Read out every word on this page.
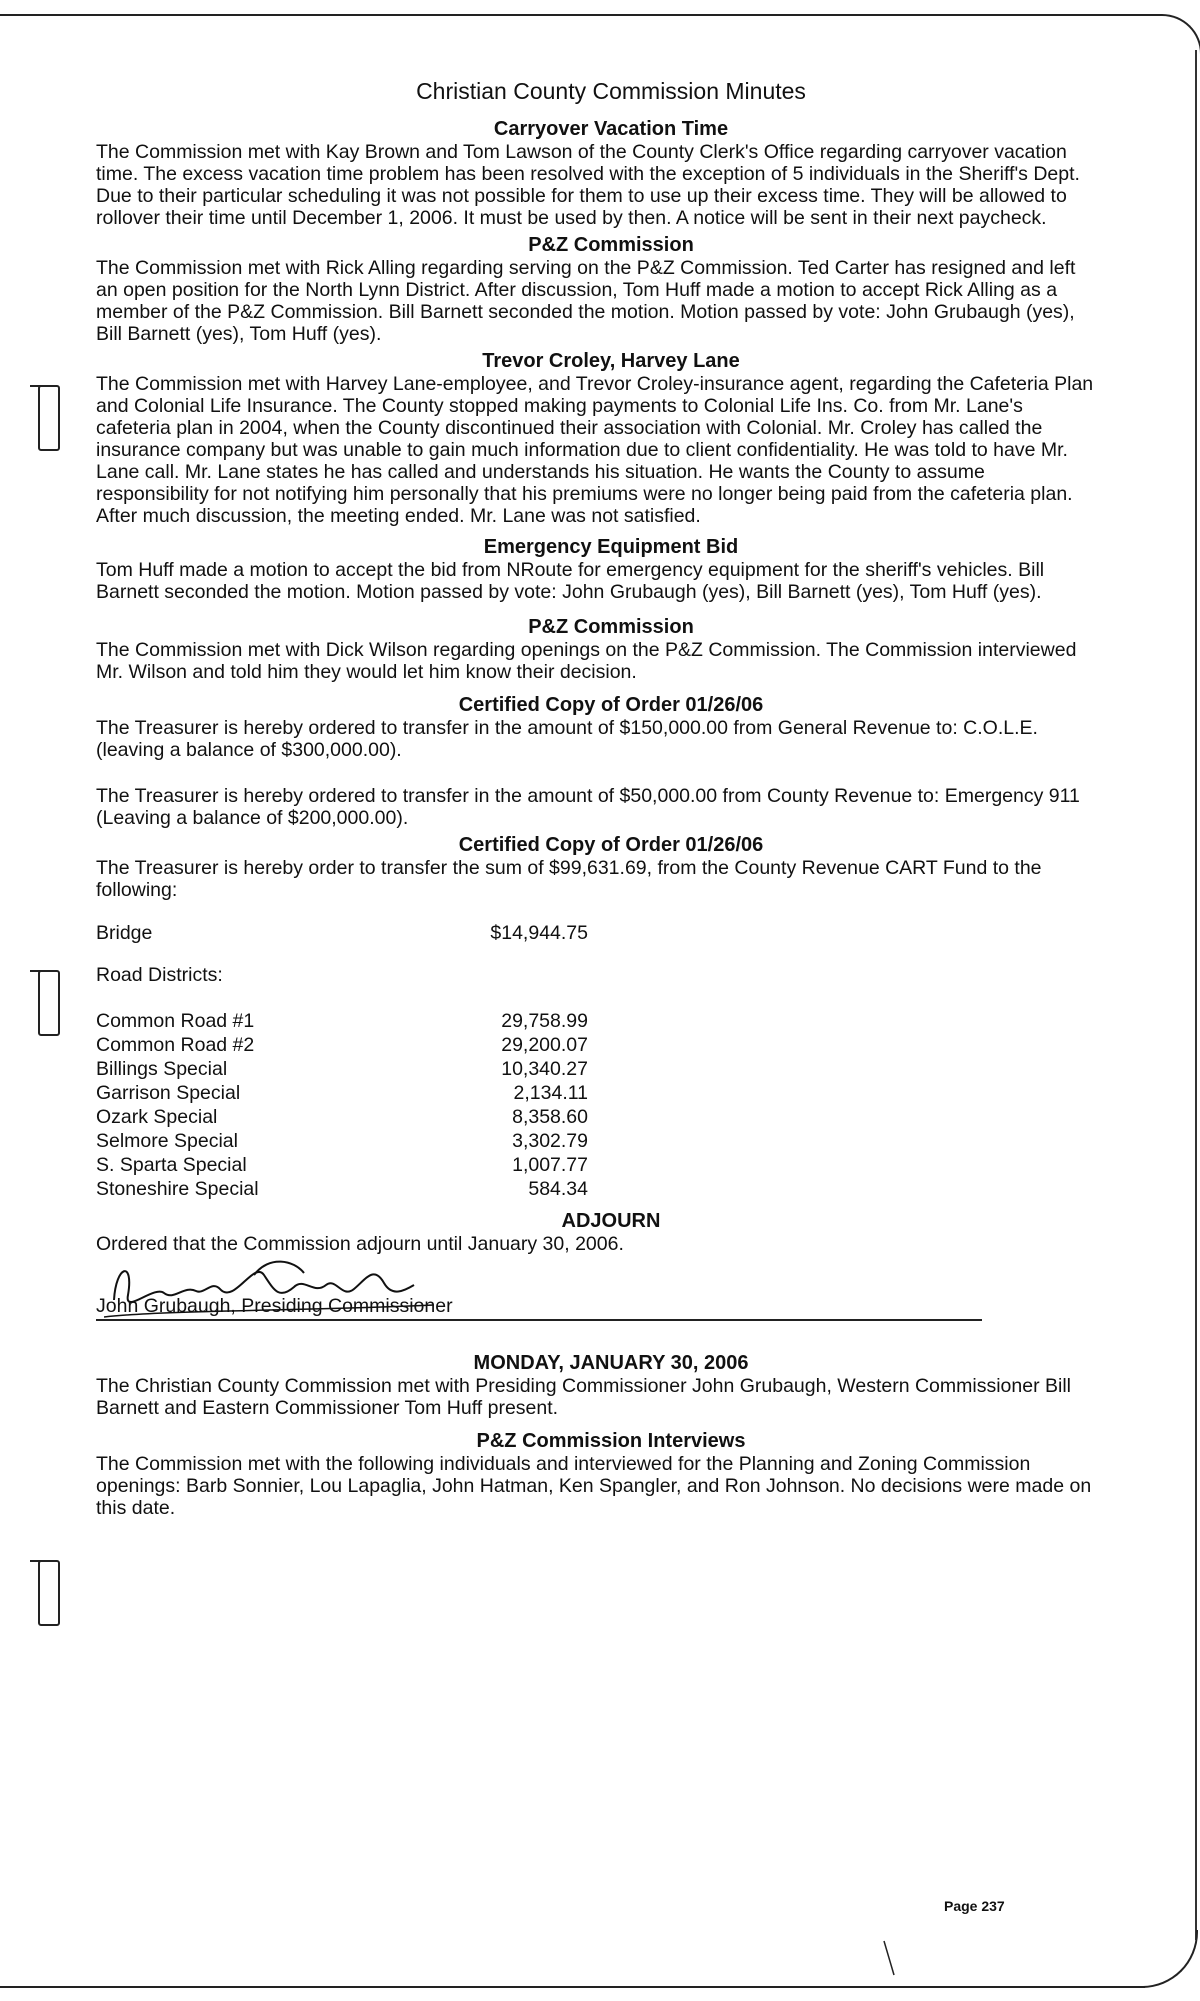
Christian County Commission Minutes
Carryover Vacation Time

The Commission met with Kay Brown and Tom Lawson of the County Clerk's Office regarding carryover vacation time. The excess vacation time problem has been resolved with the exception of 5 individuals in the Sheriff's Dept. Due to their particular scheduling it was not possible for them to use up their excess time. They will be allowed to rollover their time until December 1, 2006. It must be used by then. A notice will be sent in their next paycheck.

P&Z Commission

The Commission met with Rick Alling regarding serving on the P&Z Commission. Ted Carter has resigned and left an open position for the North Lynn District. After discussion, Tom Huff made a motion to accept Rick Alling as a member of the P&Z Commission. Bill Barnett seconded the motion. Motion passed by vote: John Grubaugh (yes), Bill Barnett (yes), Tom Huff (yes).

Trevor Croley, Harvey Lane

The Commission met with Harvey Lane-employee, and Trevor Croley-insurance agent, regarding the Cafeteria Plan and Colonial Life Insurance. The County stopped making payments to Colonial Life Ins. Co. from Mr. Lane's cafeteria plan in 2004, when the County discontinued their association with Colonial. Mr. Croley has called the insurance company but was unable to gain much information due to client confidentiality. He was told to have Mr. Lane call. Mr. Lane states he has called and understands his situation. He wants the County to assume responsibility for not notifying him personally that his premiums were no longer being paid from the cafeteria plan. After much discussion, the meeting ended. Mr. Lane was not satisfied.

Emergency Equipment Bid

Tom Huff made a motion to accept the bid from NRoute for emergency equipment for the sheriff's vehicles. Bill Barnett seconded the motion. Motion passed by vote: John Grubaugh (yes), Bill Barnett (yes), Tom Huff (yes).

P&Z Commission

The Commission met with Dick Wilson regarding openings on the P&Z Commission. The Commission interviewed Mr. Wilson and told him they would let him know their decision.

Certified Copy of Order 01/26/06

The Treasurer is hereby ordered to transfer in the amount of $150,000.00 from General Revenue to: C.O.L.E. (leaving a balance of $300,000.00).

The Treasurer is hereby ordered to transfer in the amount of $50,000.00 from County Revenue to: Emergency 911 (Leaving a balance of $200,000.00).

Certified Copy of Order 01/26/06

The Treasurer is hereby order to transfer the sum of $99,631.69, from the County Revenue CART Fund to the following:

Bridge	$14,944.75
Road Districts:
Common Road #1	29,758.99
Common Road #2	29,200.07
Billings Special	10,340.27
Garrison Special	2,134.11
Ozark Special	8,358.60
Selmore Special	3,302.79
S. Sparta Special	1,007.77
Stoneshire Special	584.34
ADJOURN

Ordered that the Commission adjourn until January 30, 2006.

John Grubaugh, Presiding Commissioner
MONDAY, JANUARY 30, 2006

The Christian County Commission met with Presiding Commissioner John Grubaugh, Western Commissioner Bill Barnett and Eastern Commissioner Tom Huff present.

P&Z Commission Interviews

The Commission met with the following individuals and interviewed for the Planning and Zoning Commission openings: Barb Sonnier, Lou Lapaglia, John Hatman, Ken Spangler, and Ron Johnson. No decisions were made on this date.

Page 237
